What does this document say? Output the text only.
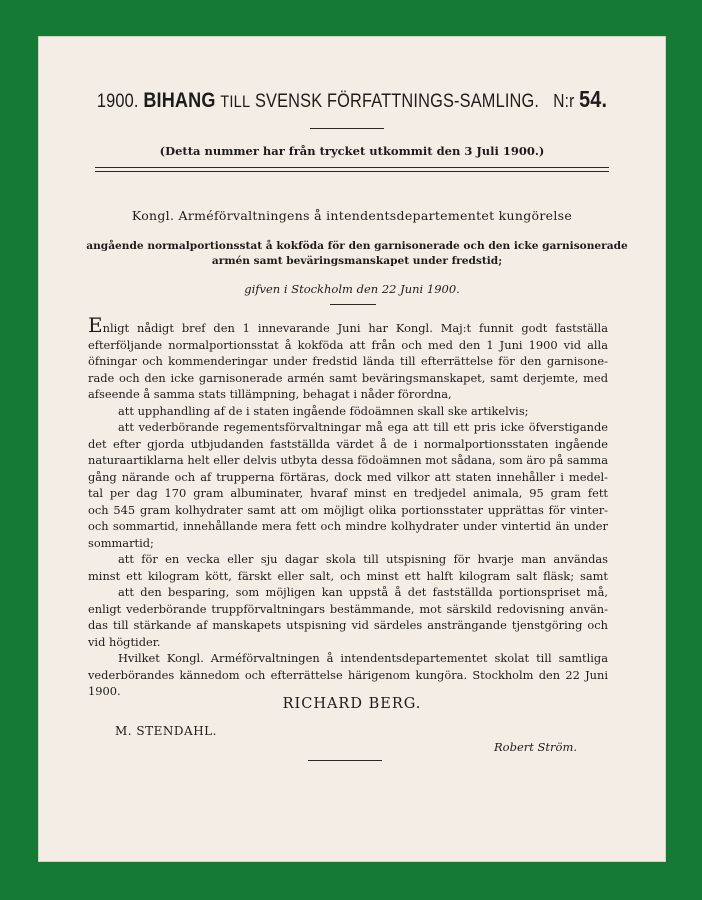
1900. BIHANG TILL SVENSK FÖRFATTNINGS-SAMLING. N:r 54.
(Detta nummer har från trycket utkommit den 3 Juli 1900.)
Kongl. Arméförvaltningens å intendentsdepartementet kungörelse
angående normalportionsstat å kokföda för den garnisonerade och den icke garnisonerade
armén samt beväringsmanskapet under fredstid;
gifven i Stockholm den 22 Juni 1900.
Enligt nådigt bref den 1 innevarande Juni har Kongl. Maj:t funnit godt fastställa
efterföljande normalportionsstat å kokföda att från och med den 1 Juni 1900 vid alla
öfningar och kommenderingar under fredstid lända till efterrättelse för den garnisone-
rade och den icke garnisonerade armén samt beväringsmanskapet, samt derjemte, med
afseende å samma stats tillämpning, behagat i nåder förordna,
att upphandling af de i staten ingående födoämnen skall ske artikelvis;
att vederbörande regementsförvaltningar må ega att till ett pris icke öfverstigande
det efter gjorda utbjudanden fastställda värdet å de i normalportionsstaten ingående
naturaartiklarna helt eller delvis utbyta dessa födoämnen mot sådana, som äro på samma
gång närande och af trupperna förtäras, dock med vilkor att staten innehåller i medel-
tal per dag 170 gram albuminater, hvaraf minst en tredjedel animala, 95 gram fett
och 545 gram kolhydrater samt att om möjligt olika portionsstater upprättas för vinter-
och sommartid, innehållande mera fett och mindre kolhydrater under vintertid än under
sommartid;
att för en vecka eller sju dagar skola till utspisning för hvarje man användas
minst ett kilogram kött, färskt eller salt, och minst ett halft kilogram salt fläsk; samt
att den besparing, som möjligen kan uppstå å det fastställda portionspriset må,
enligt vederbörande truppförvaltningars bestämmande, mot särskild redovisning använ-
das till stärkande af manskapets utspisning vid särdeles ansträngande tjenstgöring och
vid högtider.
Hvilket Kongl. Arméförvaltningen å intendentsdepartementet skolat till samtliga
vederbörandes kännedom och efterrättelse härigenom kungöra. Stockholm den 22 Juni
1900.
RICHARD BERG.
M. STENDAHL.
Robert Ström.
